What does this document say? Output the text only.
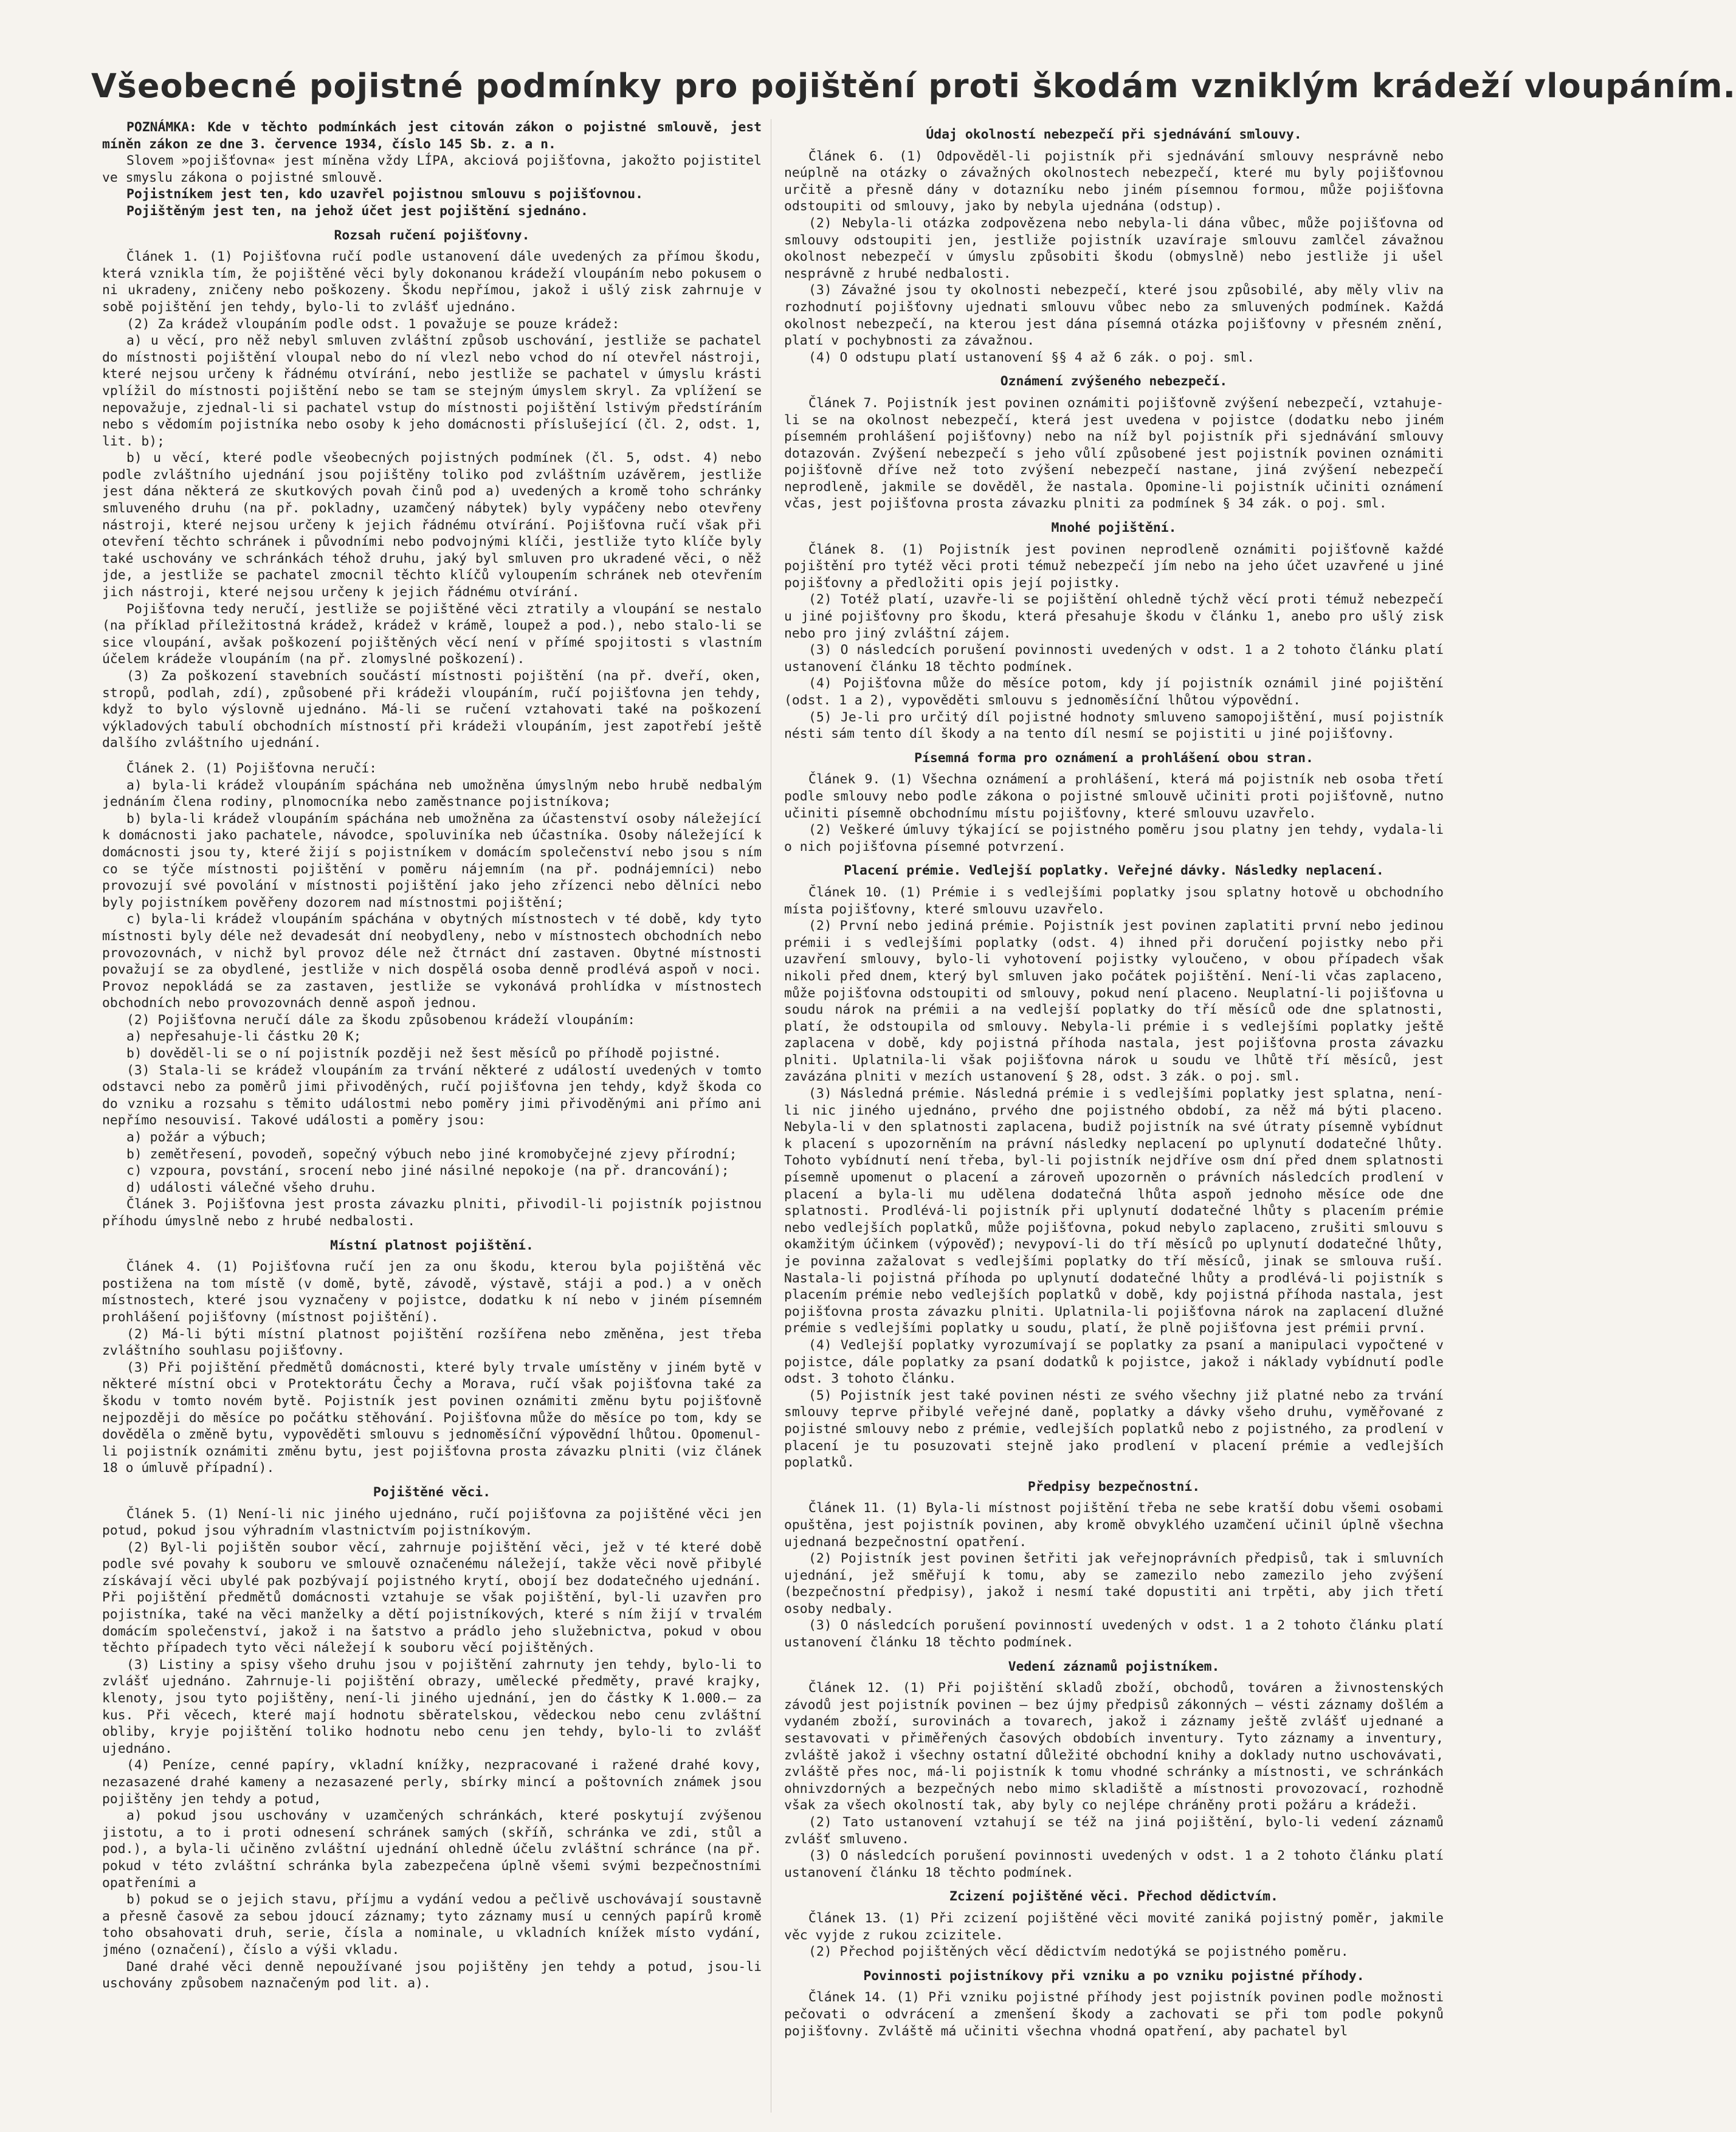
Všeobecné pojistné podmínky pro pojištění proti škodám vzniklým krádeží vloupáním.
POZNÁMKA: Kde v těchto podmínkách jest citován zákon o pojistné smlouvě, jest míněn zákon ze dne 3. července 1934, číslo 145 Sb. z. a n.
Slovem »pojišťovna« jest míněna vždy LÍPA, akciová pojišťovna, jakožto pojistitel ve smyslu zákona o pojistné smlouvě.
Pojistníkem jest ten, kdo uzavřel pojistnou smlouvu s pojišťovnou.
Pojištěným jest ten, na jehož účet jest pojištění sjednáno.
Rozsah ručení pojišťovny.
Článek 1. (1) Pojišťovna ručí podle ustanovení dále uvedených za přímou škodu, která vznikla tím, že pojištěné věci byly dokonanou krádeží vloupáním nebo pokusem o ni ukradeny, zničeny nebo poškozeny. Škodu nepřímou, jakož i ušlý zisk zahrnuje v sobě pojištění jen tehdy, bylo-li to zvlášť ujednáno.
(2) Za krádež vloupáním podle odst. 1 považuje se pouze krádež:
a) u věcí, pro něž nebyl smluven zvláštní způsob uschování, jestliže se pachatel do místnosti pojištění vloupal nebo do ní vlezl nebo vchod do ní otevřel nástroji, které nejsou určeny k řádnému otvírání, nebo jestliže se pachatel v úmyslu krásti vplížil do místnosti pojištění nebo se tam se stejným úmyslem skryl. Za vplížení se nepovažuje, zjednal-li si pachatel vstup do místnosti pojištění lstivým předstíráním nebo s vědomím pojistníka nebo osoby k jeho domácnosti příslušející (čl. 2, odst. 1, lit. b);
b) u věcí, které podle všeobecných pojistných podmínek (čl. 5, odst. 4) nebo podle zvláštního ujednání jsou pojištěny toliko pod zvláštním uzávěrem, jestliže jest dána některá ze skutkových povah činů pod a) uvedených a kromě toho schránky smluveného druhu (na př. pokladny, uzamčený nábytek) byly vypáčeny nebo otevřeny nástroji, které nejsou určeny k jejich řádnému otvírání. Pojišťovna ručí však při otevření těchto schránek i původními nebo podvojnými klíči, jestliže tyto klíče byly také uschovány ve schránkách téhož druhu, jaký byl smluven pro ukradené věci, o něž jde, a jestliže se pachatel zmocnil těchto klíčů vyloupením schránek neb otevřením jich nástroji, které nejsou určeny k jejich řádnému otvírání.
Pojišťovna tedy neručí, jestliže se pojištěné věci ztratily a vloupání se nestalo (na příklad příležitostná krádež, krádež v krámě, loupež a pod.), nebo stalo-li se sice vloupání, avšak poškození pojištěných věcí není v přímé spojitosti s vlastním účelem krádeže vloupáním (na př. zlomyslné poškození).
(3) Za poškození stavebních součástí místnosti pojištění (na př. dveří, oken, stropů, podlah, zdí), způsobené při krádeži vloupáním, ručí pojišťovna jen tehdy, když to bylo výslovně ujednáno. Má-li se ručení vztahovati také na poškození výkladových tabulí obchodních místností při krádeži vloupáním, jest zapotřebí ještě dalšího zvláštního ujednání.
Článek 2. (1) Pojišťovna neručí:
a) byla-li krádež vloupáním spáchána neb umožněna úmyslným nebo hrubě nedbalým jednáním člena rodiny, plnomocníka nebo zaměstnance pojistníkova;
b) byla-li krádež vloupáním spáchána neb umožněna za účastenství osoby náležející k domácnosti jako pachatele, návodce, spoluviníka neb účastníka. Osoby náležející k domácnosti jsou ty, které žijí s pojistníkem v domácím společenství nebo jsou s ním co se týče místnosti pojištění v poměru nájemním (na př. podnájemníci) nebo provozují své povolání v místnosti pojištění jako jeho zřízenci nebo dělníci nebo byly pojistníkem pověřeny dozorem nad místnostmi pojištění;
c) byla-li krádež vloupáním spáchána v obytných místnostech v té době, kdy tyto místnosti byly déle než devadesát dní neobydleny, nebo v místnostech obchodních nebo provozovnách, v nichž byl provoz déle než čtrnáct dní zastaven. Obytné místnosti považují se za obydlené, jestliže v nich dospělá osoba denně prodlévá aspoň v noci. Provoz nepokládá se za zastaven, jestliže se vykonává prohlídka v místnostech obchodních nebo provozovnách denně aspoň jednou.
(2) Pojišťovna neručí dále za škodu způsobenou krádeží vloupáním:
a) nepřesahuje-li částku 20 K;
b) dověděl-li se o ní pojistník později než šest měsíců po příhodě pojistné.
(3) Stala-li se krádež vloupáním za trvání některé z událostí uvedených v tomto odstavci nebo za poměrů jimi přivoděných, ručí pojišťovna jen tehdy, když škoda co do vzniku a rozsahu s těmito událostmi nebo poměry jimi přivoděnými ani přímo ani nepřímo nesouvisí. Takové události a poměry jsou:
a) požár a výbuch;
b) zemětřesení, povodeň, sopečný výbuch nebo jiné kromobyčejné zjevy přírodní;
c) vzpoura, povstání, srocení nebo jiné násilné nepokoje (na př. drancování);
d) události válečné všeho druhu.
Článek 3. Pojišťovna jest prosta závazku plniti, přivodil-li pojistník pojistnou příhodu úmyslně nebo z hrubé nedbalosti.
Místní platnost pojištění.
Článek 4. (1) Pojišťovna ručí jen za onu škodu, kterou byla pojištěná věc postižena na tom místě (v domě, bytě, závodě, výstavě, stáji a pod.) a v oněch místnostech, které jsou vyznačeny v pojistce, dodatku k ní nebo v jiném písemném prohlášení pojišťovny (místnost pojištění).
(2) Má-li býti místní platnost pojištění rozšířena nebo změněna, jest třeba zvláštního souhlasu pojišťovny.
(3) Při pojištění předmětů domácnosti, které byly trvale umístěny v jiném bytě v některé místní obci v Protektorátu Čechy a Morava, ručí však pojišťovna také za škodu v tomto novém bytě. Pojistník jest povinen oznámiti změnu bytu pojišťovně nejpozději do měsíce po počátku stěhování. Pojišťovna může do měsíce po tom, kdy se dověděla o změně bytu, vypověděti smlouvu s jednoměsíční výpovědní lhůtou. Opomenul-li pojistník oznámiti změnu bytu, jest pojišťovna prosta závazku plniti (viz článek 18 o úmluvě případní).
Pojištěné věci.
Článek 5. (1) Není-li nic jiného ujednáno, ručí pojišťovna za pojištěné věci jen potud, pokud jsou výhradním vlastnictvím pojistníkovým.
(2) Byl-li pojištěn soubor věcí, zahrnuje pojištění věci, jež v té které době podle své povahy k souboru ve smlouvě označenému náležejí, takže věci nově přibylé získávají věci ubylé pak pozbývají pojistného krytí, obojí bez dodatečného ujednání. Při pojištění předmětů domácnosti vztahuje se však pojištění, byl-li uzavřen pro pojistníka, také na věci manželky a dětí pojistníkových, které s ním žijí v trvalém domácím společenství, jakož i na šatstvo a prádlo jeho služebnictva, pokud v obou těchto případech tyto věci náležejí k souboru věcí pojištěných.
(3) Listiny a spisy všeho druhu jsou v pojištění zahrnuty jen tehdy, bylo-li to zvlášť ujednáno. Zahrnuje-li pojištění obrazy, umělecké předměty, pravé krajky, klenoty, jsou tyto pojištěny, není-li jiného ujednání, jen do částky K 1.000.— za kus. Při věcech, které mají hodnotu sběratelskou, vědeckou nebo cenu zvláštní obliby, kryje pojištění toliko hodnotu nebo cenu jen tehdy, bylo-li to zvlášť ujednáno.
(4) Peníze, cenné papíry, vkladní knížky, nezpracované i ražené drahé kovy, nezasazené drahé kameny a nezasazené perly, sbírky mincí a poštovních známek jsou pojištěny jen tehdy a potud,
a) pokud jsou uschovány v uzamčených schránkách, které poskytují zvýšenou jistotu, a to i proti odnesení schránek samých (skříň, schránka ve zdi, stůl a pod.), a byla-li učiněno zvláštní ujednání ohledně účelu zvláštní schránce (na př. pokud v této zvláštní schránka byla zabezpečena úplně všemi svými bezpečnostními opatřeními a
b) pokud se o jejich stavu, příjmu a vydání vedou a pečlivě uschovávají soustavně a přesně časově za sebou jdoucí záznamy; tyto záznamy musí u cenných papírů kromě toho obsahovati druh, serie, čísla a nominale, u vkladních knížek místo vydání, jméno (označení), číslo a výši vkladu.
Dané drahé věci denně nepoužívané jsou pojištěny jen tehdy a potud, jsou-li uschovány způsobem naznačeným pod lit. a).
Údaj okolností nebezpečí při sjednávání smlouvy.
Článek 6. (1) Odpověděl-li pojistník při sjednávání smlouvy nesprávně nebo neúplně na otázky o závažných okolnostech nebezpečí, které mu byly pojišťovnou určitě a přesně dány v dotazníku nebo jiném písemnou formou, může pojišťovna odstoupiti od smlouvy, jako by nebyla ujednána (odstup).
(2) Nebyla-li otázka zodpovězena nebo nebyla-li dána vůbec, může pojišťovna od smlouvy odstoupiti jen, jestliže pojistník uzavíraje smlouvu zamlčel závažnou okolnost nebezpečí v úmyslu způsobiti škodu (obmyslně) nebo jestliže ji ušel nesprávně z hrubé nedbalosti.
(3) Závažné jsou ty okolnosti nebezpečí, které jsou způsobilé, aby měly vliv na rozhodnutí pojišťovny ujednati smlouvu vůbec nebo za smluvených podmínek. Každá okolnost nebezpečí, na kterou jest dána písemná otázka pojišťovny v přesném znění, platí v pochybnosti za závažnou.
(4) O odstupu platí ustanovení §§ 4 až 6 zák. o poj. sml.
Oznámení zvýšeného nebezpečí.
Článek 7. Pojistník jest povinen oznámiti pojišťovně zvýšení nebezpečí, vztahuje-li se na okolnost nebezpečí, která jest uvedena v pojistce (dodatku nebo jiném písemném prohlášení pojišťovny) nebo na níž byl pojistník při sjednávání smlouvy dotazován. Zvýšení nebezpečí s jeho vůlí způsobené jest pojistník povinen oznámiti pojišťovně dříve než toto zvýšení nebezpečí nastane, jiná zvýšení nebezpečí neprodleně, jakmile se dověděl, že nastala. Opomine-li pojistník učiniti oznámení včas, jest pojišťovna prosta závazku plniti za podmínek § 34 zák. o poj. sml.
Mnohé pojištění.
Článek 8. (1) Pojistník jest povinen neprodleně oznámiti pojišťovně každé pojištění pro tytéž věci proti témuž nebezpečí jím nebo na jeho účet uzavřené u jiné pojišťovny a předložiti opis její pojistky.
(2) Totéž platí, uzavře-li se pojištění ohledně týchž věcí proti témuž nebezpečí u jiné pojišťovny pro škodu, která přesahuje škodu v článku 1, anebo pro ušlý zisk nebo pro jiný zvláštní zájem.
(3) O následcích porušení povinnosti uvedených v odst. 1 a 2 tohoto článku platí ustanovení článku 18 těchto podmínek.
(4) Pojišťovna může do měsíce potom, kdy jí pojistník oznámil jiné pojištění (odst. 1 a 2), vypověděti smlouvu s jednoměsíční lhůtou výpovědní.
(5) Je-li pro určitý díl pojistné hodnoty smluveno samopojištění, musí pojistník nésti sám tento díl škody a na tento díl nesmí se pojistiti u jiné pojišťovny.
Písemná forma pro oznámení a prohlášení obou stran.
Článek 9. (1) Všechna oznámení a prohlášení, která má pojistník neb osoba třetí podle smlouvy nebo podle zákona o pojistné smlouvě učiniti proti pojišťovně, nutno učiniti písemně obchodnímu místu pojišťovny, které smlouvu uzavřelo.
(2) Veškeré úmluvy týkající se pojistného poměru jsou platny jen tehdy, vydala-li o nich pojišťovna písemné potvrzení.
Placení prémie. Vedlejší poplatky. Veřejné dávky. Následky neplacení.
Článek 10. (1) Prémie i s vedlejšími poplatky jsou splatny hotově u obchodního místa pojišťovny, které smlouvu uzavřelo.
(2) První nebo jediná prémie. Pojistník jest povinen zaplatiti první nebo jedinou prémii i s vedlejšími poplatky (odst. 4) ihned při doručení pojistky nebo při uzavření smlouvy, bylo-li vyhotovení pojistky vyloučeno, v obou případech však nikoli před dnem, který byl smluven jako počátek pojištění. Není-li včas zaplaceno, může pojišťovna odstoupiti od smlouvy, pokud není placeno. Neuplatní-li pojišťovna u soudu nárok na prémii a na vedlejší poplatky do tří měsíců ode dne splatnosti, platí, že odstoupila od smlouvy. Nebyla-li prémie i s vedlejšími poplatky ještě zaplacena v době, kdy pojistná příhoda nastala, jest pojišťovna prosta závazku plniti. Uplatnila-li však pojišťovna nárok u soudu ve lhůtě tří měsíců, jest zavázána plniti v mezích ustanovení § 28, odst. 3 zák. o poj. sml.
(3) Následná prémie. Následná prémie i s vedlejšími poplatky jest splatna, není-li nic jiného ujednáno, prvého dne pojistného období, za něž má býti placeno. Nebyla-li v den splatnosti zaplacena, budiž pojistník na své útraty písemně vybídnut k placení s upozorněním na právní následky neplacení po uplynutí dodatečné lhůty. Tohoto vybídnutí není třeba, byl-li pojistník nejdříve osm dní před dnem splatnosti písemně upomenut o placení a zároveň upozorněn o právních následcích prodlení v placení a byla-li mu udělena dodatečná lhůta aspoň jednoho měsíce ode dne splatnosti. Prodlévá-li pojistník při uplynutí dodatečné lhůty s placením prémie nebo vedlejších poplatků, může pojišťovna, pokud nebylo zaplaceno, zrušiti smlouvu s okamžitým účinkem (výpověď); nevypoví-li do tří měsíců po uplynutí dodatečné lhůty, je povinna zažalovat s vedlejšími poplatky do tří měsíců, jinak se smlouva ruší. Nastala-li pojistná příhoda po uplynutí dodatečné lhůty a prodlévá-li pojistník s placením prémie nebo vedlejších poplatků v době, kdy pojistná příhoda nastala, jest pojišťovna prosta závazku plniti. Uplatnila-li pojišťovna nárok na zaplacení dlužné prémie s vedlejšími poplatky u soudu, platí, že plně pojišťovna jest prémii první.
(4) Vedlejší poplatky vyrozumívají se poplatky za psaní a manipulaci vypočtené v pojistce, dále poplatky za psaní dodatků k pojistce, jakož i náklady vybídnutí podle odst. 3 tohoto článku.
(5) Pojistník jest také povinen nésti ze svého všechny již platné nebo za trvání smlouvy teprve přibylé veřejné daně, poplatky a dávky všeho druhu, vyměřované z pojistné smlouvy nebo z prémie, vedlejších poplatků nebo z pojistného, za prodlení v placení je tu posuzovati stejně jako prodlení v placení prémie a vedlejších poplatků.
Předpisy bezpečnostní.
Článek 11. (1) Byla-li místnost pojištění třeba ne sebe kratší dobu všemi osobami opuštěna, jest pojistník povinen, aby kromě obvyklého uzamčení učinil úplně všechna ujednaná bezpečnostní opatření.
(2) Pojistník jest povinen šetřiti jak veřejnoprávních předpisů, tak i smluvních ujednání, jež směřují k tomu, aby se zamezilo nebo zamezilo jeho zvýšení (bezpečnostní předpisy), jakož i nesmí také dopustiti ani trpěti, aby jich třetí osoby nedbaly.
(3) O následcích porušení povinností uvedených v odst. 1 a 2 tohoto článku platí ustanovení článku 18 těchto podmínek.
Vedení záznamů pojistníkem.
Článek 12. (1) Při pojištění skladů zboží, obchodů, továren a živnostenských závodů jest pojistník povinen — bez újmy předpisů zákonných — vésti záznamy došlém a vydaném zboží, surovinách a tovarech, jakož i záznamy ještě zvlášť ujednané a sestavovati v přiměřených časových obdobích inventury. Tyto záznamy a inventury, zvláště jakož i všechny ostatní důležité obchodní knihy a doklady nutno uschovávati, zvláště přes noc, má-li pojistník k tomu vhodné schránky a místnosti, ve schránkách ohnivzdorných a bezpečných nebo mimo skladiště a místnosti provozovací, rozhodně však za všech okolností tak, aby byly co nejlépe chráněny proti požáru a krádeži.
(2) Tato ustanovení vztahují se též na jiná pojištění, bylo-li vedení záznamů zvlášť smluveno.
(3) O následcích porušení povinnosti uvedených v odst. 1 a 2 tohoto článku platí ustanovení článku 18 těchto podmínek.
Zcizení pojištěné věci. Přechod dědictvím.
Článek 13. (1) Při zcizení pojištěné věci movité zaniká pojistný poměr, jakmile věc vyjde z rukou zcizitele.
(2) Přechod pojištěných věcí dědictvím nedotýká se pojistného poměru.
Povinnosti pojistníkovy při vzniku a po vzniku pojistné příhody.
Článek 14. (1) Při vzniku pojistné příhody jest pojistník povinen podle možnosti pečovati o odvrácení a zmenšení škody a zachovati se při tom podle pokynů pojišťovny. Zvláště má učiniti všechna vhodná opatření, aby pachatel byl
